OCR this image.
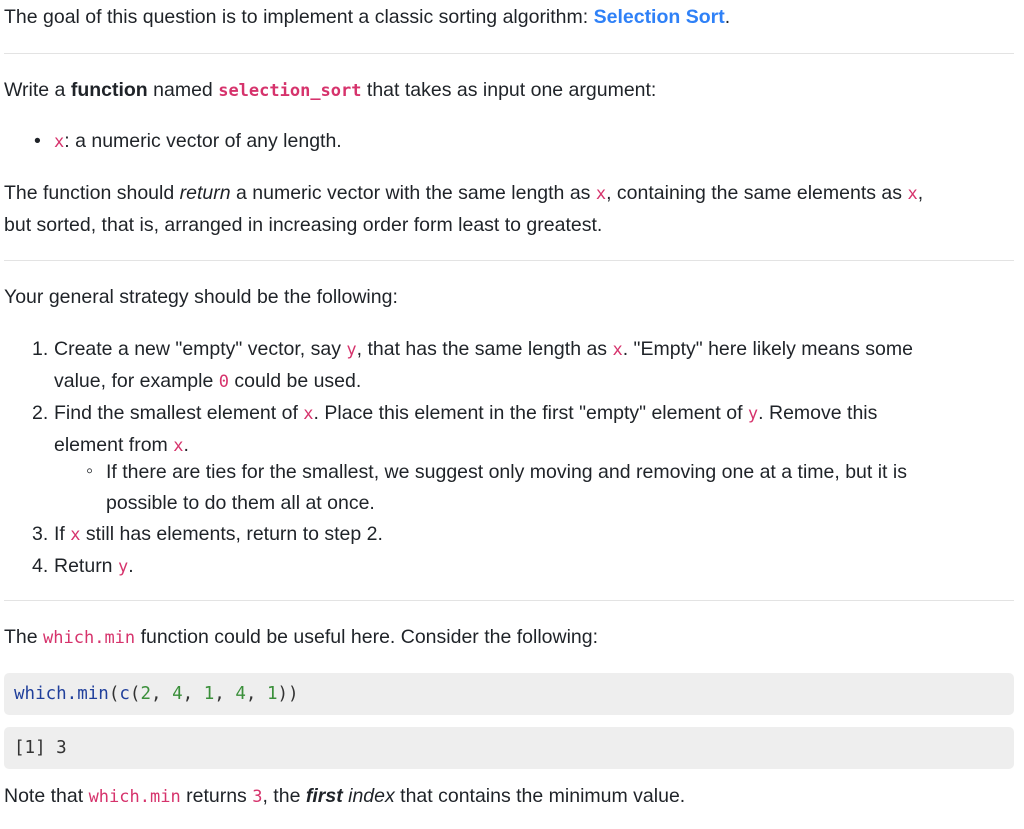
The goal of this question is to implement a classic sorting algorithm: Selection Sort.

Write a function named selection_sort that takes as input one argument:

• x: a numeric vector of any length.

The function should return a numeric vector with the same length as x, containing the same elements as x,
but sorted, that is, arranged in increasing order form least to greatest.

Your general strategy should be the following:

1. Create a new "empty" vector, say y, that has the same length as x. "Empty" here likely means some
value, for example 0 could be used.
2. Find the smallest element of x. Place this element in the first "empty" element of y. Remove this
element from x.
◦ If there are ties for the smallest, we suggest only moving and removing one at a time, but it is
possible to do them all at once.
3. If x still has elements, return to step 2.
4. Return y.

The which.min function could be useful here. Consider the following:

which.min(c(2, 4, 1, 4, 1))
[1] 3

Note that which.min returns 3, the first index that contains the minimum value.
